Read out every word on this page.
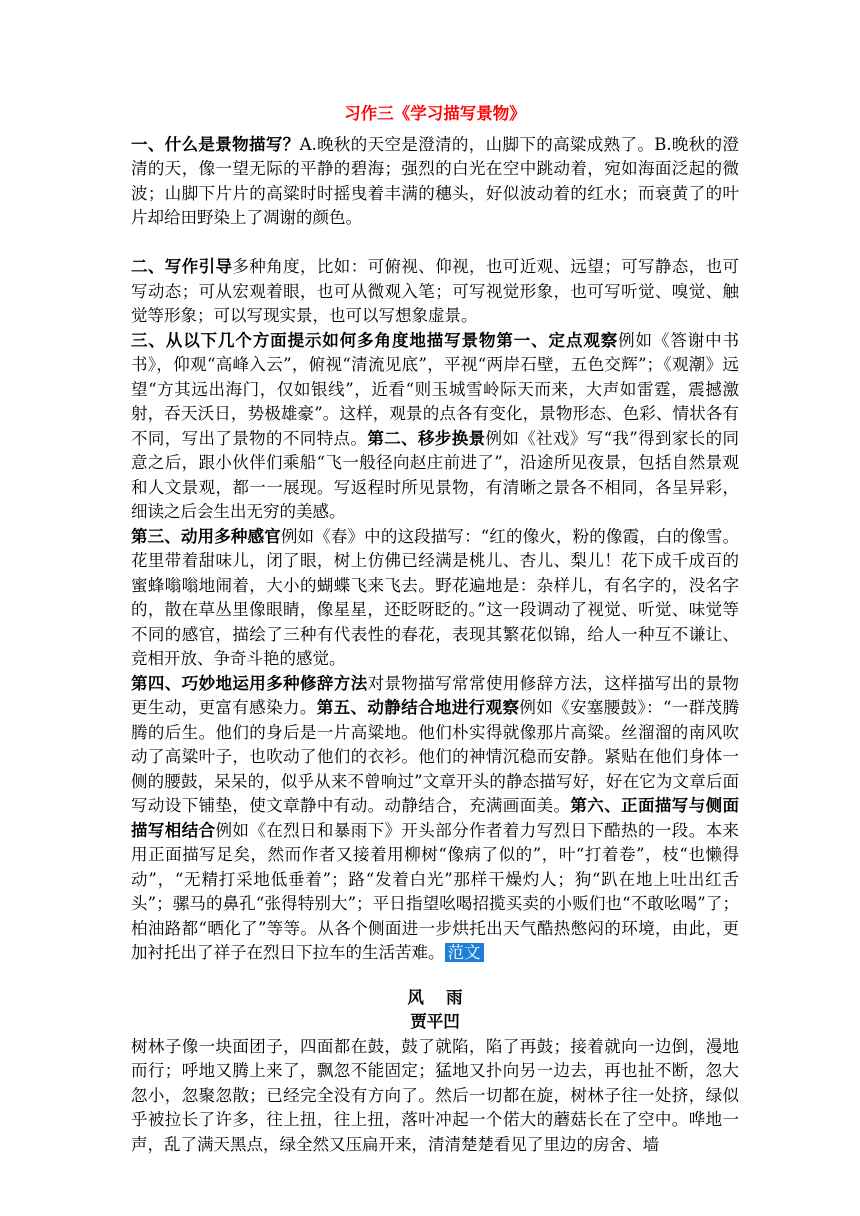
习作三《学习描写景物》

一、什么是景物描写？A.晚秋的天空是澄清的，山脚下的高粱成熟了。B.晚秋的澄清的天，像一望无际的平静的碧海；强烈的白光在空中跳动着，宛如海面泛起的微波；山脚下片片的高粱时时摇曳着丰满的穗头，好似波动着的红水；而衰黄了的叶片却给田野染上了凋谢的颜色。

二、写作引导多种角度，比如：可俯视、仰视，也可近观、远望；可写静态，也可写动态；可从宏观着眼，也可从微观入笔；可写视觉形象，也可写听觉、嗅觉、触觉等形象；可以写现实景，也可以写想象虚景。

三、从以下几个方面提示如何多角度地描写景物第一、定点观察例如《答谢中书书》，仰观“高峰入云”，俯视“清流见底”，平视“两岸石壁，五色交辉”；《观潮》远望“方其远出海门，仅如银线”，近看“则玉城雪岭际天而来，大声如雷霆，震撼激射，吞天沃日，势极雄豪”。这样，观景的点各有变化，景物形态、色彩、情状各有不同，写出了景物的不同特点。第二、移步换景例如《社戏》写“我”得到家长的同意之后，跟小伙伴们乘船“飞一般径向赵庄前进了”，沿途所见夜景，包括自然景观和人文景观，都一一展现。写返程时所见景物，有清晰之景各不相同，各呈异彩，细读之后会生出无穷的美感。

第三、动用多种感官例如《春》中的这段描写：“红的像火，粉的像霞，白的像雪。花里带着甜味儿，闭了眼，树上仿佛已经满是桃儿、杏儿、梨儿！花下成千成百的蜜蜂嗡嗡地闹着，大小的蝴蝶飞来飞去。野花遍地是：杂样儿，有名字的，没名字的，散在草丛里像眼睛，像星星，还眨呀眨的。”这一段调动了视觉、听觉、味觉等不同的感官，描绘了三种有代表性的春花，表现其繁花似锦，给人一种互不谦让、竞相开放、争奇斗艳的感觉。

第四、巧妙地运用多种修辞方法对景物描写常常使用修辞方法，这样描写出的景物更生动，更富有感染力。第五、动静结合地进行观察例如《安塞腰鼓》：“一群茂腾腾的后生。他们的身后是一片高粱地。他们朴实得就像那片高粱。丝溜溜的南风吹动了高粱叶子，也吹动了他们的衣衫。他们的神情沉稳而安静。紧贴在他们身体一侧的腰鼓，呆呆的，似乎从来不曾响过”文章开头的静态描写好，好在它为文章后面写动设下铺垫，使文章静中有动。动静结合，充满画面美。第六、正面描写与侧面描写相结合例如《在烈日和暴雨下》开头部分作者着力写烈日下酷热的一段。本来用正面描写足矣，然而作者又接着用柳树“像病了似的”，叶“打着卷”，枝“也懒得动”，“无精打采地低垂着”；路“发着白光”那样干燥灼人；狗“趴在地上吐出红舌头”；骡马的鼻孔“张得特别大”；平日指望吆喝招揽买卖的小贩们也“不敢吆喝”了；柏油路都“晒化了”等等。从各个侧面进一步烘托出天气酷热憋闷的环境，由此，更加衬托出了祥子在烈日下拉车的生活苦难。 范文

风　 雨
贾平凹

树林子像一块面团子，四面都在鼓，鼓了就陷，陷了再鼓；接着就向一边倒，漫地而行；呼地又腾上来了，飘忽不能固定；猛地又扑向另一边去，再也扯不断，忽大忽小，忽聚忽散；已经完全没有方向了。然后一切都在旋，树林子往一处挤，绿似乎被拉长了许多，往上扭，往上扭，落叶冲起一个偌大的蘑菇长在了空中。哗地一声，乱了满天黑点，绿全然又压扁开来，清清楚楚看见了里边的房舍、墙
